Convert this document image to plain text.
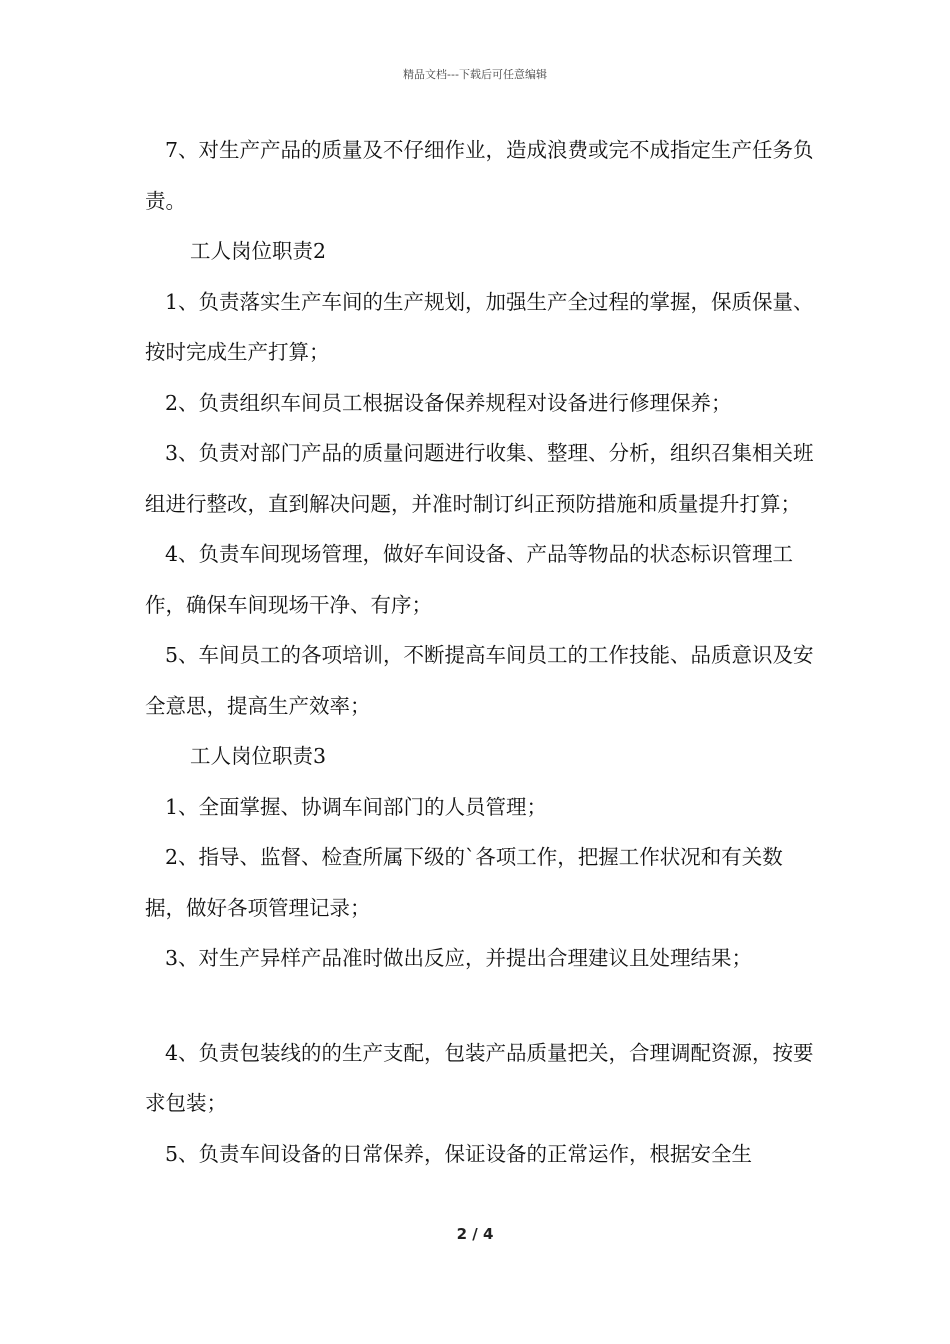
精品文档---下载后可任意编辑

7、对生产产品的质量及不仔细作业，造成浪费或完不成指定生产任务负责。

工人岗位职责2

1、负责落实生产车间的生产规划，加强生产全过程的掌握，保质保量、按时完成生产打算；

2、负责组织车间员工根据设备保养规程对设备进行修理保养；

3、负责对部门产品的质量问题进行收集、整理、分析，组织召集相关班组进行整改，直到解决问题，并准时制订纠正预防措施和质量提升打算；

4、负责车间现场管理，做好车间设备、产品等物品的状态标识管理工作，确保车间现场干净、有序；

5、车间员工的各项培训，不断提高车间员工的工作技能、品质意识及安全意思，提高生产效率；

工人岗位职责3

1、全面掌握、协调车间部门的人员管理；

2、指导、监督、检查所属下级的`各项工作，把握工作状况和有关数据，做好各项管理记录；

3、对生产异样产品准时做出反应，并提出合理建议且处理结果；

4、负责包装线的的生产支配，包装产品质量把关，合理调配资源，按要求包装；

5、负责车间设备的日常保养，保证设备的正常运作，根据安全生

2 / 4
